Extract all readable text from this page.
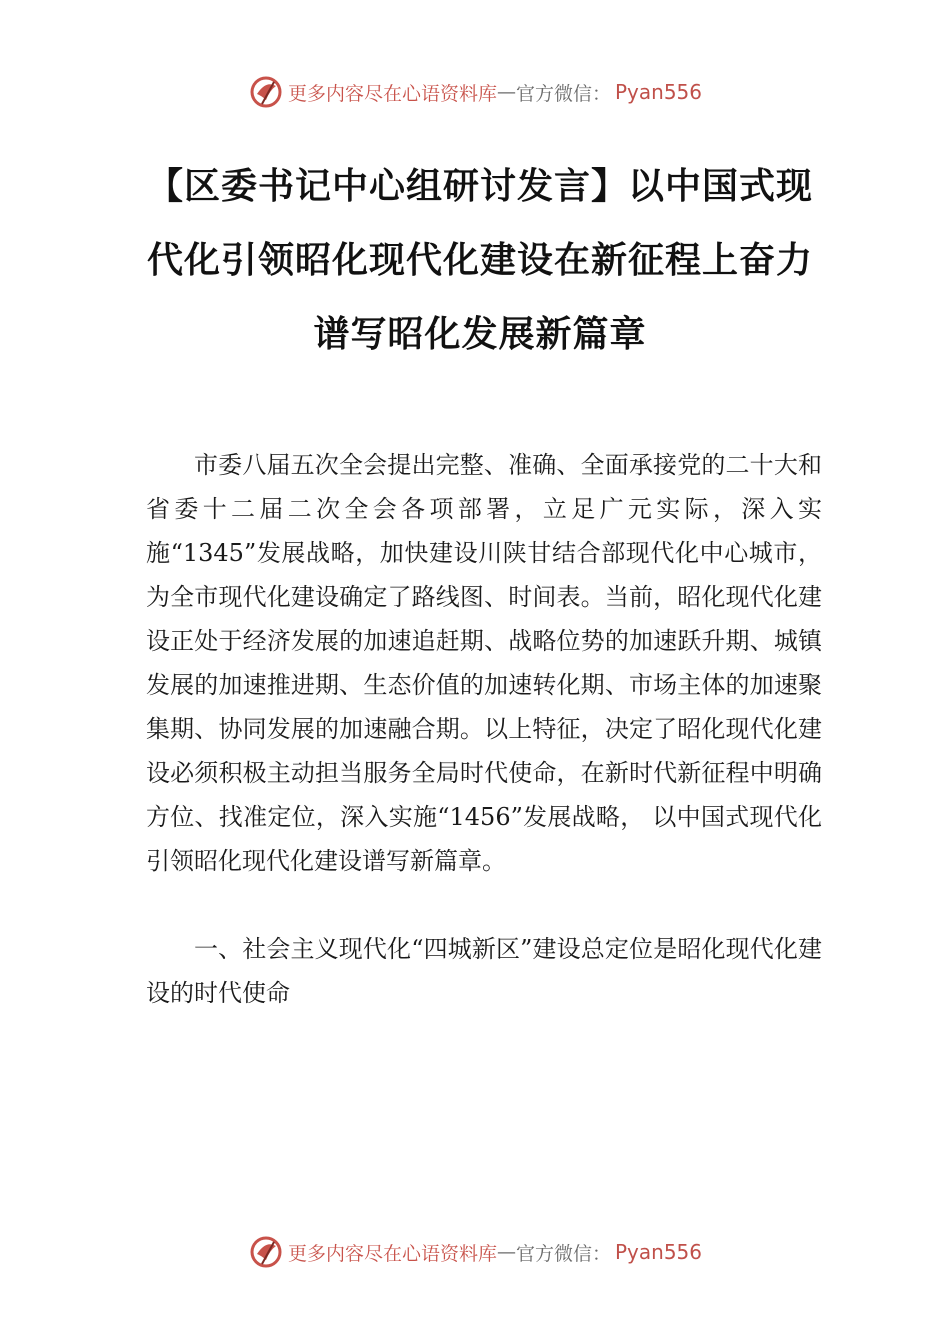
更多内容尽在心语资料库 — 官方微信： Pyan556
【区委书记中心组研讨发言】以中国式现代化引领昭化现代化建设在新征程上奋力谱写昭化发展新篇章

市委八届五次全会提出完整、准确、全面承接党的二十大和省委十二届二次全会各项部署，立足广元实际，深入实施“1345”发展战略，加快建设川陕甘结合部现代化中心城市，为全市现代化建设确定了路线图、时间表。当前，昭化现代化建设正处于经济发展的加速追赶期、战略位势的加速跃升期、城镇发展的加速推进期、生态价值的加速转化期、市场主体的加速聚集期、协同发展的加速融合期。以上特征，决定了昭化现代化建设必须积极主动担当服务全局时代使命，在新时代新征程中明确方位、找准定位，深入实施“1456”发展战略， 以中国式现代化引领昭化现代化建设谱写新篇章。

一、社会主义现代化“四城新区”建设总定位是昭化现代化建设的时代使命

更多内容尽在心语资料库 — 官方微信： Pyan556
